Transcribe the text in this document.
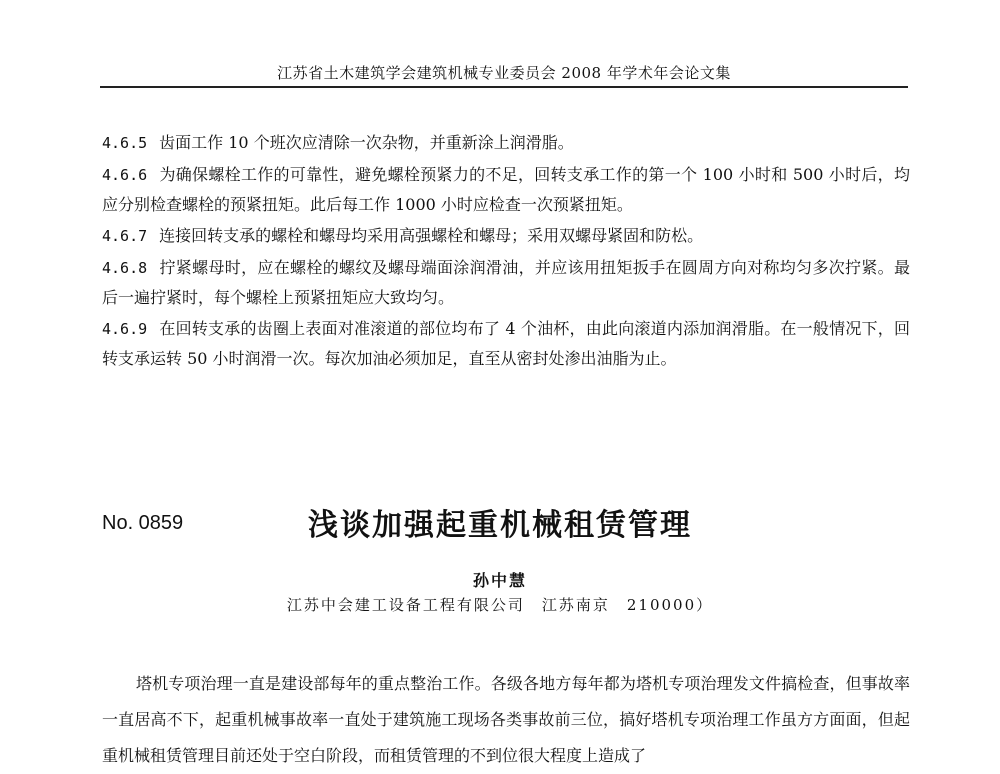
江苏省土木建筑学会建筑机械专业委员会 2008 年学术年会论文集

4.6.5 齿面工作 10 个班次应清除一次杂物，并重新涂上润滑脂。

4.6.6 为确保螺栓工作的可靠性，避免螺栓预紧力的不足，回转支承工作的第一个 100 小时和 500 小时后，均应分别检查螺栓的预紧扭矩。此后每工作 1000 小时应检查一次预紧扭矩。

4.6.7 连接回转支承的螺栓和螺母均采用高强螺栓和螺母；采用双螺母紧固和防松。

4.6.8 拧紧螺母时，应在螺栓的螺纹及螺母端面涂润滑油，并应该用扭矩扳手在圆周方向对称均匀多次拧紧。最后一遍拧紧时，每个螺栓上预紧扭矩应大致均匀。

4.6.9 在回转支承的齿圈上表面对准滚道的部位均布了 4 个油杯，由此向滚道内添加润滑脂。在一般情况下，回转支承运转 50 小时润滑一次。每次加油必须加足，直至从密封处渗出油脂为止。

No. 0859	浅谈加强起重机械租赁管理
孙中慧
江苏中会建工设备工程有限公司　江苏南京　210000）

塔机专项治理一直是建设部每年的重点整治工作。各级各地方每年都为塔机专项治理发文件搞检查，但事故率一直居高不下，起重机械事故率一直处于建筑施工现场各类事故前三位，搞好塔机专项治理工作虽方方面面，但起重机械租赁管理目前还处于空白阶段，而租赁管理的不到位很大程度上造成了
